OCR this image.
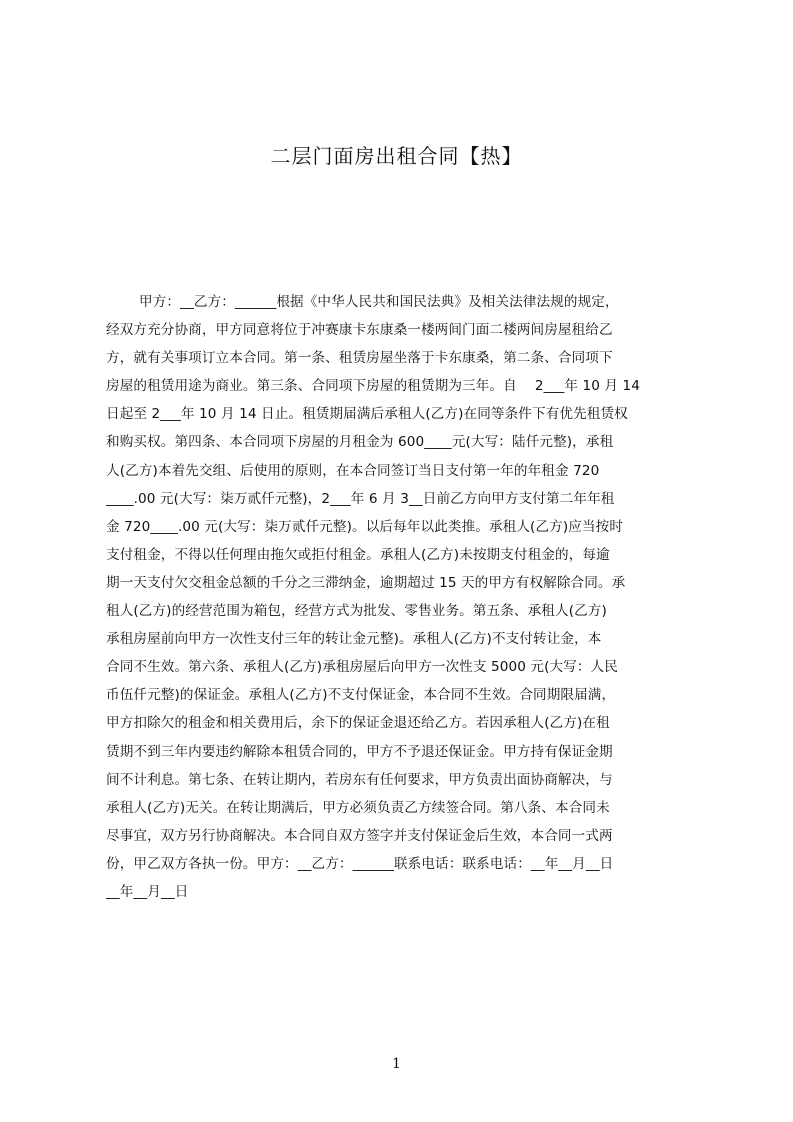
二层门面房出租合同【热】
甲方：__乙方：______根据《中华人民共和国民法典》及相关法律法规的规定，
经双方充分协商，甲方同意将位于冲赛康卡东康桑一楼两间门面二楼两间房屋租给乙
方，就有关事项订立本合同。第一条、租赁房屋坐落于卡东康桑，第二条、合同项下
房屋的租赁用途为商业。第三条、合同项下房屋的租赁期为三年。自　 2___年 10 月 14
日起至 2___年 10 月 14 日止。租赁期届满后承租人(乙方)在同等条件下有优先租赁权
和购买权。第四条、本合同项下房屋的月租金为 600____元(大写：陆仟元整)，承租
人(乙方)本着先交组、后使用的原则，在本合同签订当日支付第一年的年租金 720
____.00 元(大写：柒万贰仟元整)，2___年 6 月 3__日前乙方向甲方支付第二年年租
金 720____.00 元(大写：柒万贰仟元整)。以后每年以此类推。承租人(乙方)应当按时
支付租金，不得以任何理由拖欠或拒付租金。承租人(乙方)未按期支付租金的，每逾
期一天支付欠交租金总额的千分之三滞纳金，逾期超过 15 天的甲方有权解除合同。承
租人(乙方)的经营范围为箱包，经营方式为批发、零售业务。第五条、承租人(乙方)
承租房屋前向甲方一次性支付三年的转让金元整)。承租人(乙方)不支付转让金，本
合同不生效。第六条、承租人(乙方)承租房屋后向甲方一次性支 5000 元(大写：人民
币伍仟元整)的保证金。承租人(乙方)不支付保证金，本合同不生效。合同期限届满，
甲方扣除欠的租金和相关费用后，余下的保证金退还给乙方。若因承租人(乙方)在租
赁期不到三年内要违约解除本租赁合同的，甲方不予退还保证金。甲方持有保证金期
间不计利息。第七条、在转让期内，若房东有任何要求，甲方负责出面协商解决，与
承租人(乙方)无关。在转让期满后，甲方必须负责乙方续签合同。第八条、本合同未
尽事宜，双方另行协商解决。本合同自双方签字并支付保证金后生效，本合同一式两
份，甲乙双方各执一份。甲方：__乙方：______联系电话：联系电话：__年__月__日
__年__月__日
1
